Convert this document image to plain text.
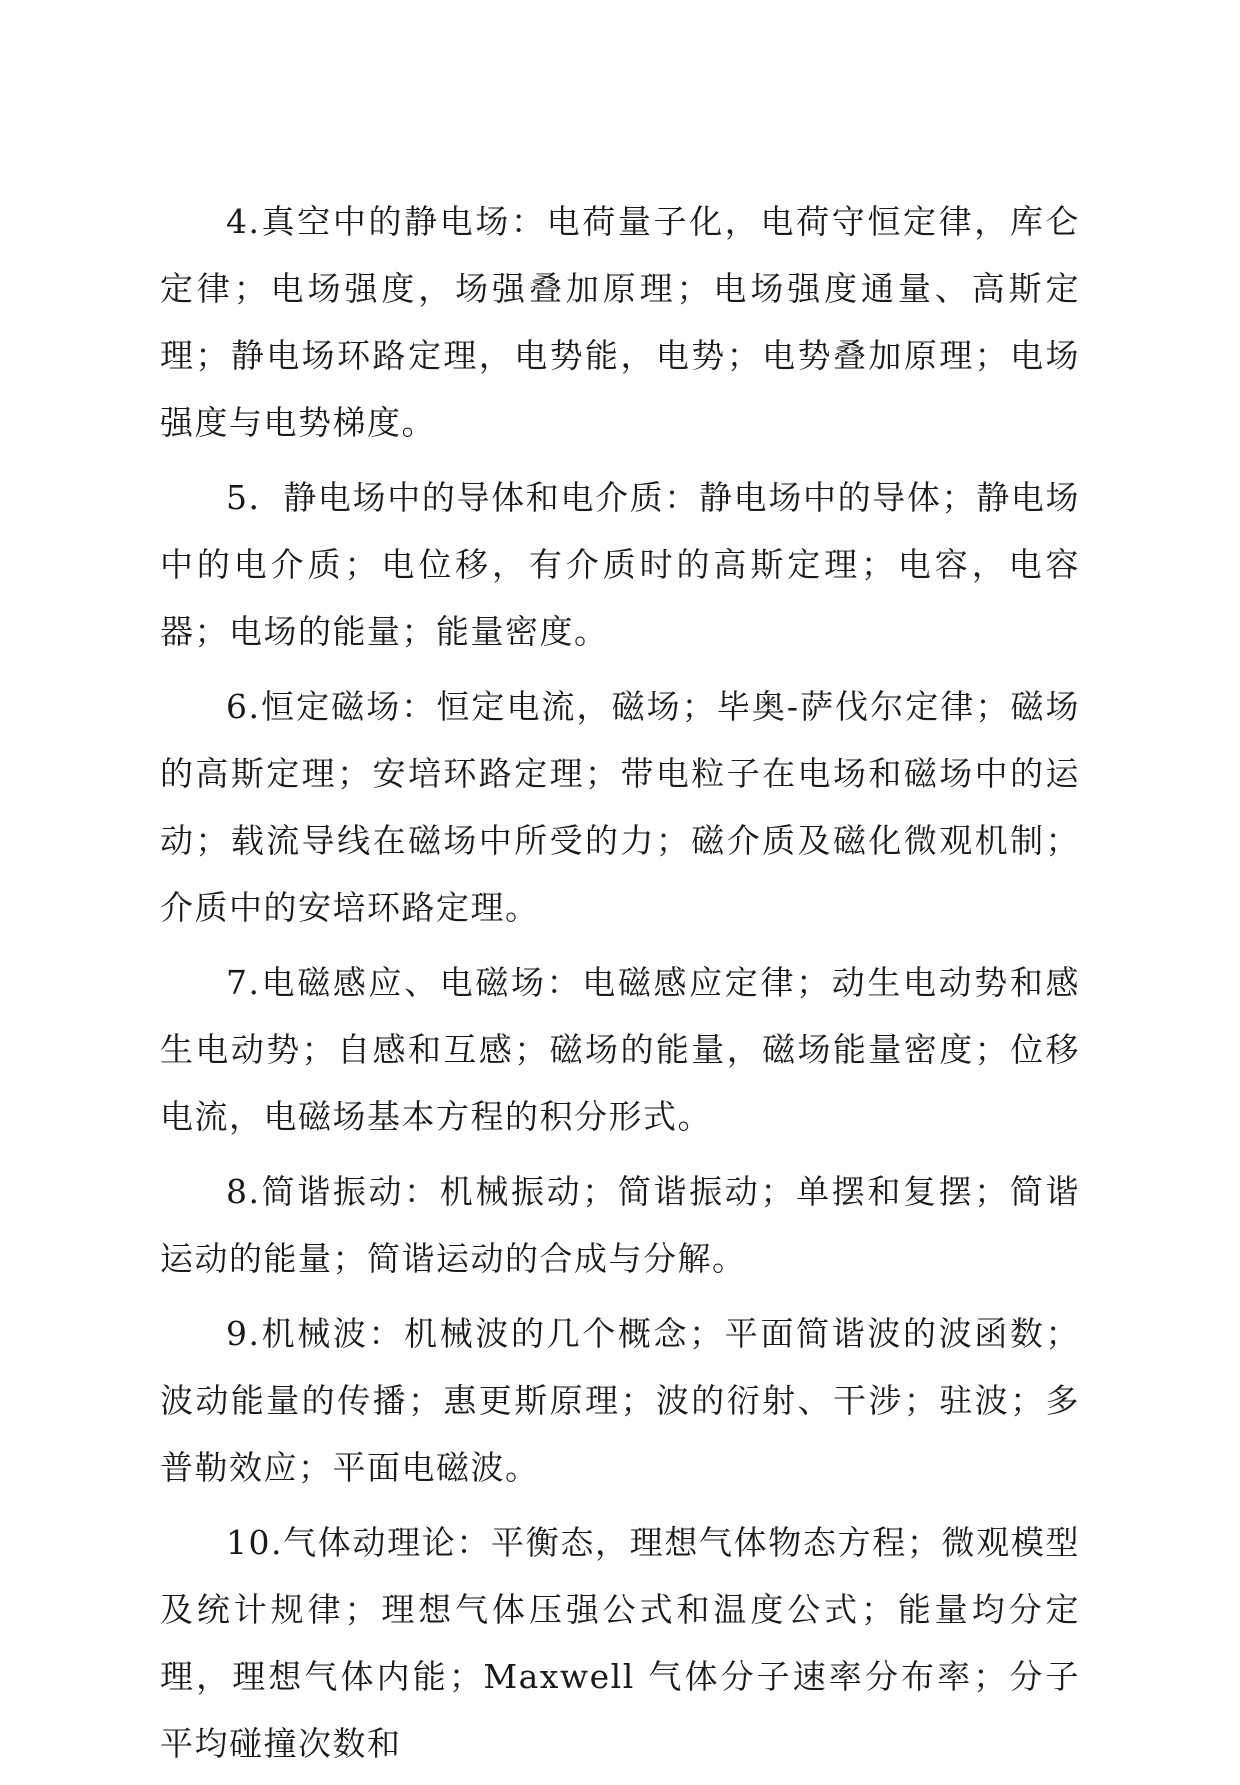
4.真空中的静电场：电荷量子化，电荷守恒定律，库仑定律；电场强度，场强叠加原理；电场强度通量、高斯定理；静电场环路定理，电势能，电势；电势叠加原理；电场强度与电势梯度。

5．静电场中的导体和电介质：静电场中的导体；静电场中的电介质；电位移，有介质时的高斯定理；电容，电容器；电场的能量；能量密度。

6.恒定磁场：恒定电流，磁场；毕奥-萨伐尔定律；磁场的高斯定理；安培环路定理；带电粒子在电场和磁场中的运动；载流导线在磁场中所受的力；磁介质及磁化微观机制；介质中的安培环路定理。

7.电磁感应、电磁场：电磁感应定律；动生电动势和感生电动势；自感和互感；磁场的能量，磁场能量密度；位移电流，电磁场基本方程的积分形式。

8.简谐振动：机械振动；简谐振动；单摆和复摆；简谐运动的能量；简谐运动的合成与分解。

9.机械波：机械波的几个概念；平面简谐波的波函数；波动能量的传播；惠更斯原理；波的衍射、干涉；驻波；多普勒效应；平面电磁波。

10.气体动理论：平衡态，理想气体物态方程；微观模型及统计规律；理想气体压强公式和温度公式；能量均分定理，理想气体内能；Maxwell 气体分子速率分布率；分子平均碰撞次数和
